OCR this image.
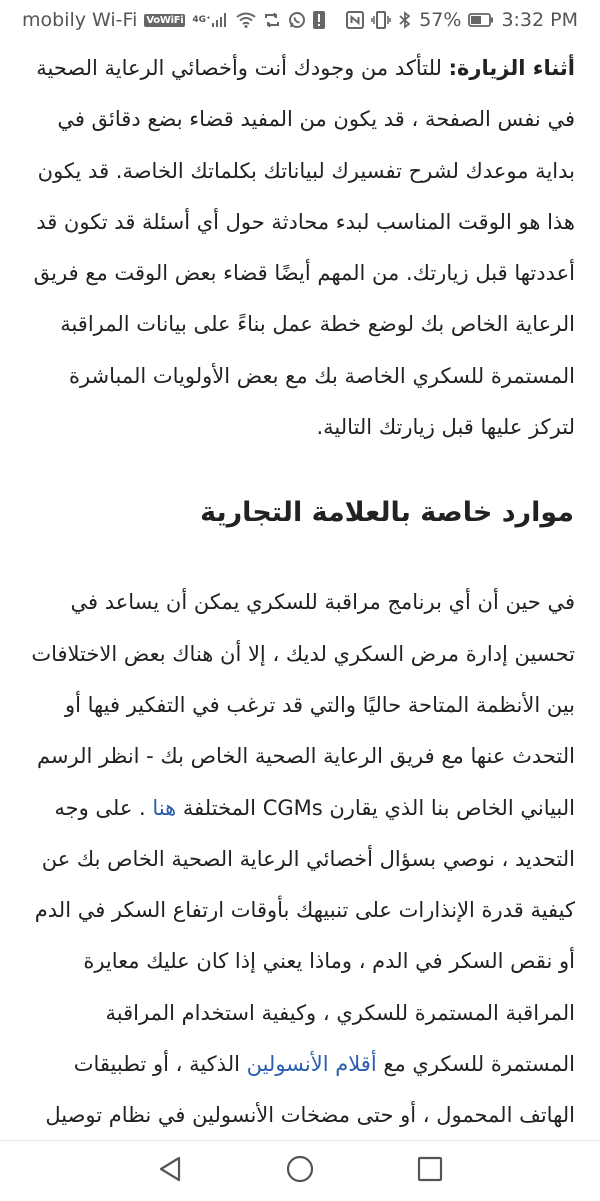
mobily Wi-Fi VoWiFi 4G⁺	57% 3:32 PM

أثناء الزيارة: للتأكد من وجودك أنت وأخصائي الرعاية الصحية في نفس الصفحة ، قد يكون من المفيد قضاء بضع دقائق في بداية موعدك لشرح تفسيرك لبياناتك بكلماتك الخاصة. قد يكون هذا هو الوقت المناسب لبدء محادثة حول أي أسئلة قد تكون قد أعددتها قبل زيارتك. من المهم أيضًا قضاء بعض الوقت مع فريق الرعاية الخاص بك لوضع خطة عمل بناءً على بيانات المراقبة المستمرة للسكري الخاصة بك مع بعض الأولويات المباشرة لتركز عليها قبل زيارتك التالية.

موارد خاصة بالعلامة التجارية

في حين أن أي برنامج مراقبة للسكري يمكن أن يساعد في تحسين إدارة مرض السكري لديك ، إلا أن هناك بعض الاختلافات بين الأنظمة المتاحة حاليًا والتي قد ترغب في التفكير فيها أو التحدث عنها مع فريق الرعاية الصحية الخاص بك - انظر الرسم البياني الخاص بنا الذي يقارن CGMs المختلفة هنا . على وجه التحديد ، نوصي بسؤال أخصائي الرعاية الصحية الخاص بك عن كيفية قدرة الإنذارات على تنبيهك بأوقات ارتفاع السكر في الدم أو نقص السكر في الدم ، وماذا يعني إذا كان عليك معايرة المراقبة المستمرة للسكري ، وكيفية استخدام المراقبة المستمرة للسكري مع أقلام الأنسولين الذكية ، أو تطبيقات الهاتف المحمول ، أو حتى مضخات الأنسولين في نظام توصيل
